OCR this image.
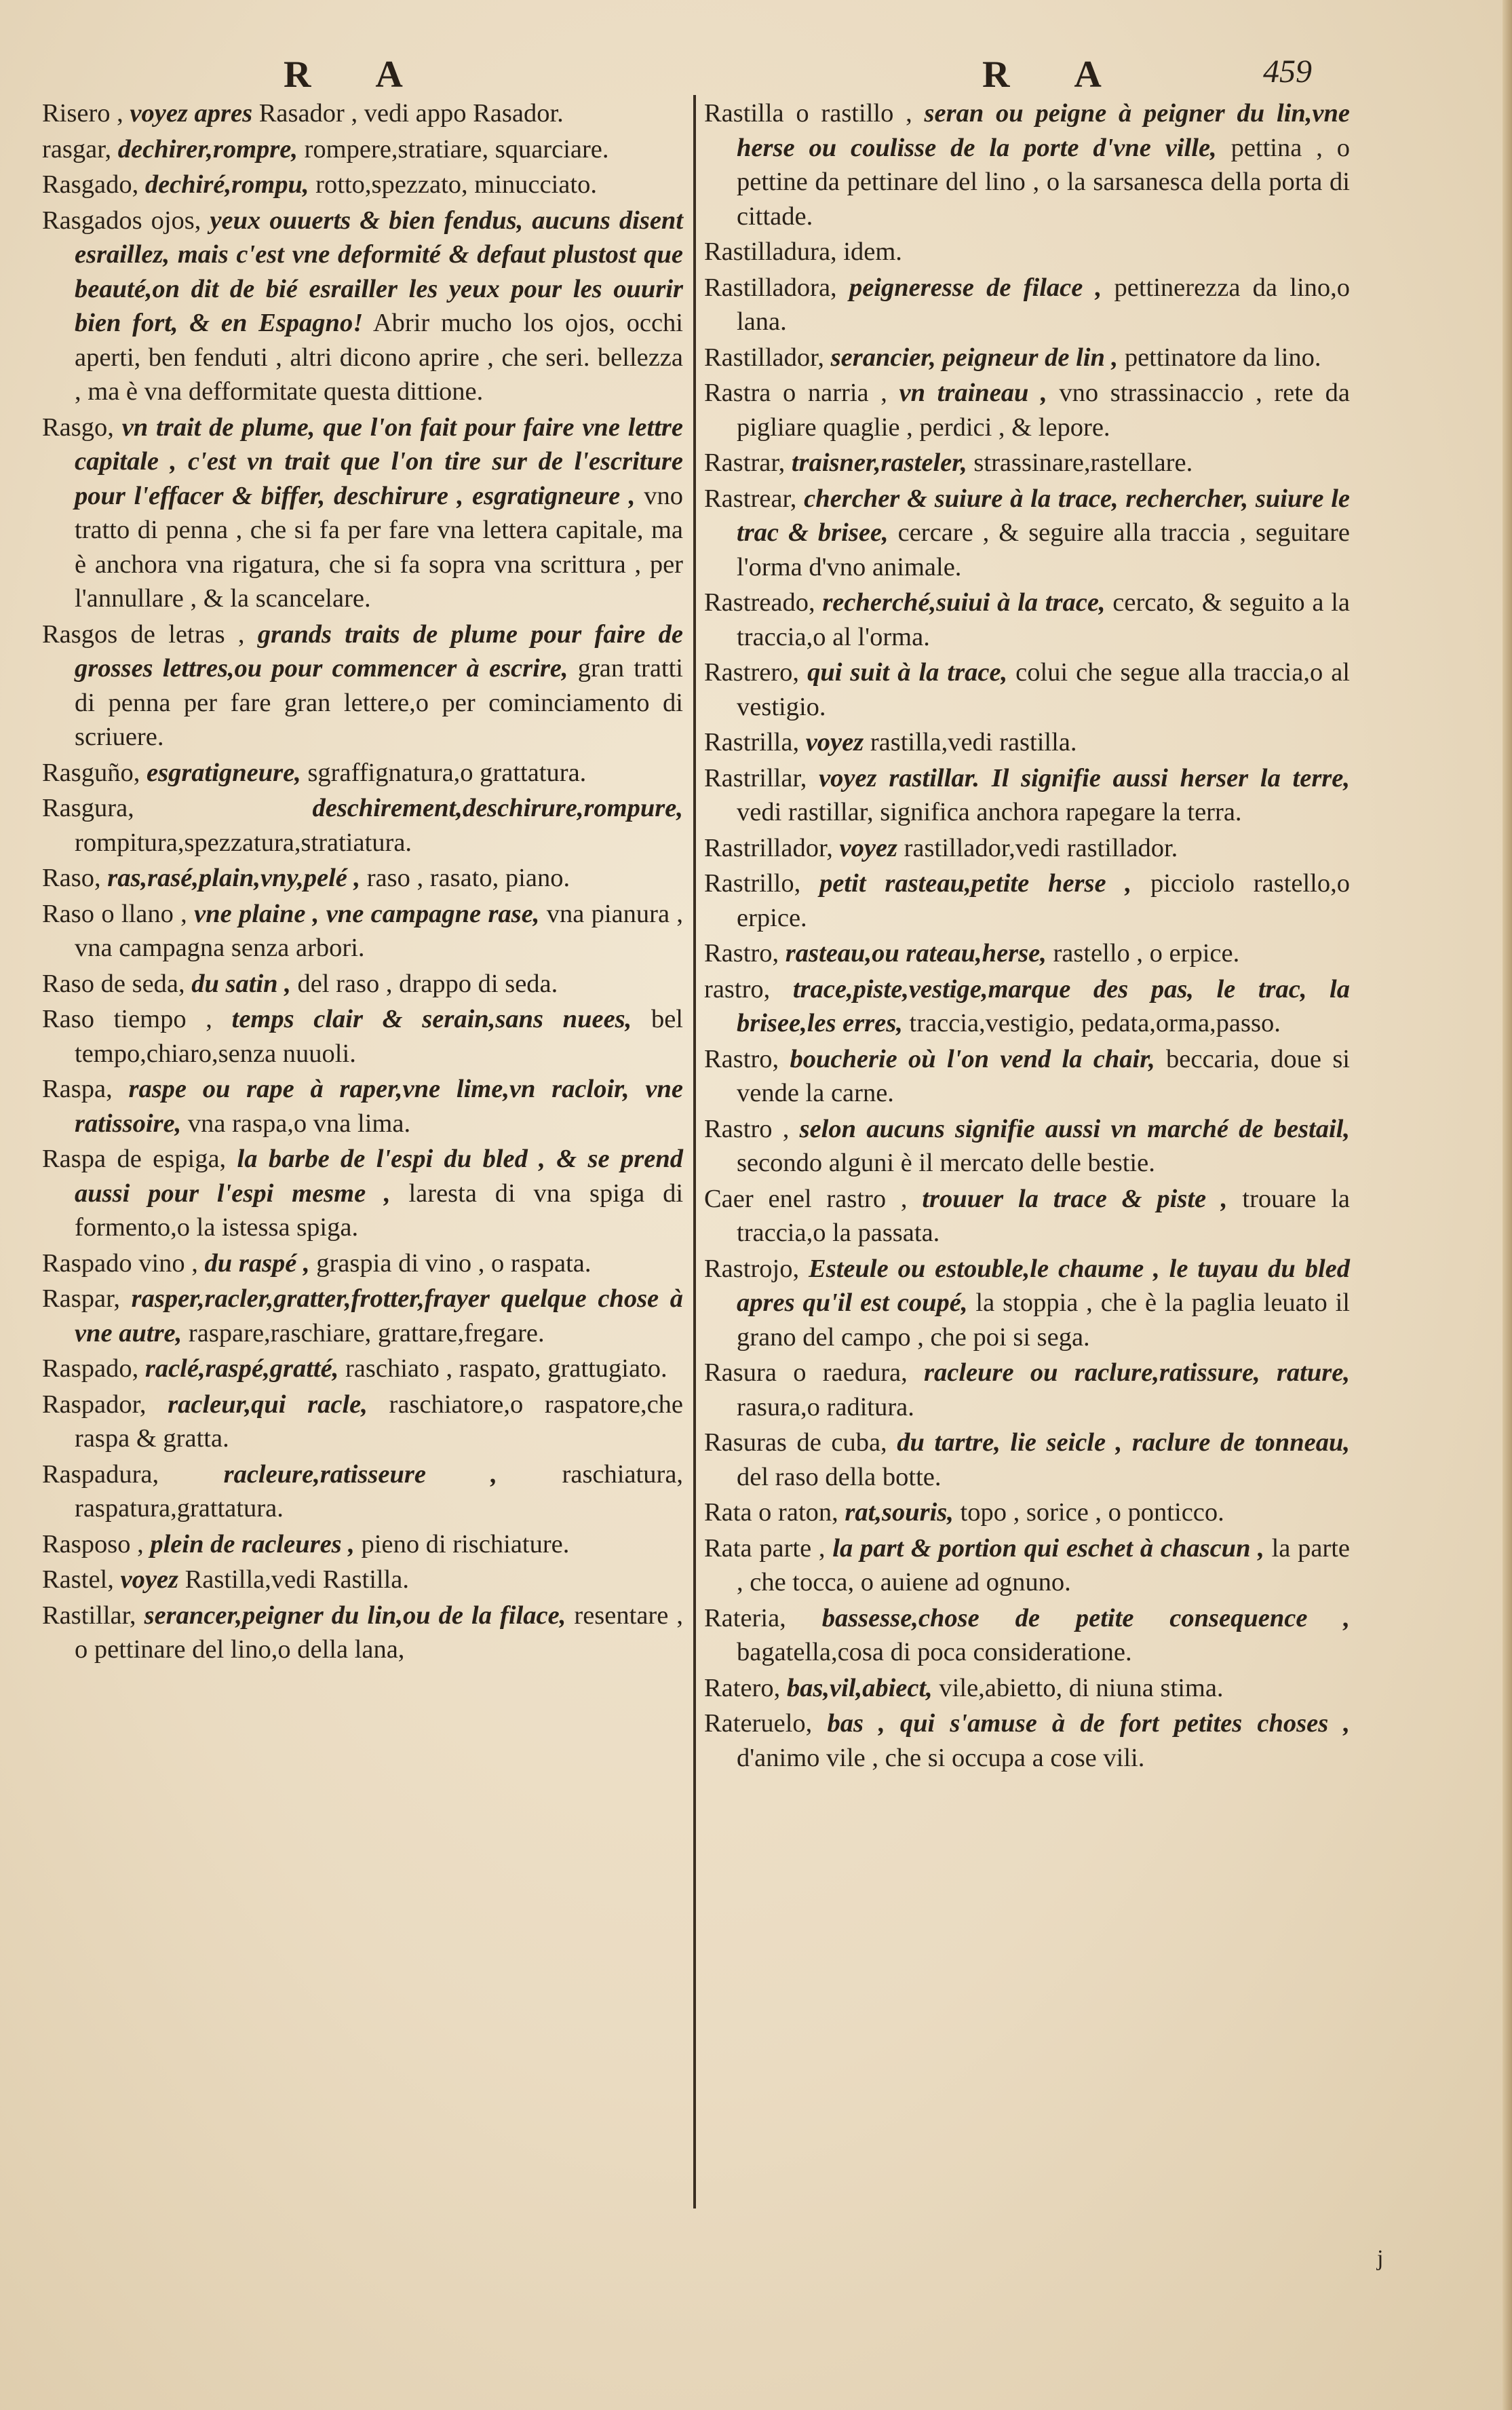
R A	R A	459
Risero , voyez apres Rasador , vedi appo Rasador.
rasgar, dechirer,rompre, rompere,stratiare, squarciare.
Rasgado, dechiré,rompu, rotto,spezzato, minucciato.
Rasgados ojos, yeux ouuerts & bien fendus, aucuns disent esraillez, mais c'est vne deformité & defaut plustost que beauté,on dit de bié esrailler les yeux pour les ouurir bien fort, & en Espagno! Abrir mucho los ojos, occhi aperti, ben fenduti , altri dicono aprire , che seri. bellezza , ma è vna defformitate questa dittione.
Rasgo, vn trait de plume, que l'on fait pour faire vne lettre capitale , c'est vn trait que l'on tire sur de l'escriture pour l'effacer & biffer, deschirure , esgratigneure , vno tratto di penna , che si fa per fare vna lettera capitale, ma è anchora vna rigatura, che si fa sopra vna scrittura , per l'annullare , & la scancelare.
Rasgos de letras , grands traits de plume pour faire de grosses lettres,ou pour commencer à escrire, gran tratti di penna per fare gran lettere,o per cominciamento di scriuere.
Rasguño, esgratigneure, sgraffignatura,o grattatura.
Rasgura,	deschirement,deschirure,rompure, rompitura,spezzatura,stratiatura.
Raso, ras,rasé,plain,vny,pelé , raso , rasato, piano.
Raso o llano , vne plaine , vne campagne rase, vna pianura , vna campagna senza arbori.
Raso de seda, du satin , del raso , drappo di seda.
Raso tiempo , temps clair & serain,sans nuees, bel tempo,chiaro,senza nuuoli.
Raspa, raspe ou rape à raper,vne lime,vn racloir, vne ratissoire, vna raspa,o vna lima.
Raspa de espiga, la barbe de l'espi du bled , & se prend aussi pour l'espi mesme , laresta di vna spiga di formento,o la istessa spiga.
Raspado vino , du raspé , graspia di vino , o raspata.
Raspar, rasper,racler,gratter,frotter,frayer quelque chose à vne autre, raspare,raschiare, grattare,fregare.
Raspado, raclé,raspé,gratté, raschiato , raspato, grattugiato.
Raspador, racleur,qui racle, raschiatore,o raspatore,che raspa & gratta.
Raspadura, racleure,ratisseure , raschiatura, raspatura,grattatura.
Rasposo , plein de racleures , pieno di rischiature.
Rastel, voyez Rastilla,vedi Rastilla.
Rastillar, serancer,peigner du lin,ou de la filace, resentare , o pettinare del lino,o della lana,
Rastilla o rastillo , seran ou peigne à peigner du lin,vne herse ou coulisse de la porte d'vne ville, pettina , o pettine da pettinare del lino , o la sarsanesca della porta di cittade.
Rastilladura, idem.
Rastilladora, peigneresse de filace , pettinerezza da lino,o lana.
Rastillador, serancier, peigneur de lin , pettinatore da lino.
Rastra o narria , vn traineau , vno strassinaccio , rete da pigliare quaglie , perdici , & lepore.
Rastrar, traisner,rasteler, strassinare,rastellare.
Rastrear, chercher & suiure à la trace, rechercher, suiure le trac & brisee, cercare , & seguire alla traccia , seguitare l'orma d'vno animale.
Rastreado, recherché,suiui à la trace, cercato, & seguito a la traccia,o al l'orma.
Rastrero, qui suit à la trace, colui che segue alla traccia,o al vestigio.
Rastrilla, voyez rastilla,vedi rastilla.
Rastrillar, voyez rastillar. Il signifie aussi herser la terre, vedi rastillar, significa anchora rapegare la terra.
Rastrillador, voyez rastillador,vedi rastillador.
Rastrillo, petit rasteau,petite herse , picciolo rastello,o erpice.
Rastro, rasteau,ou rateau,herse, rastello , o erpice.
rastro, trace,piste,vestige,marque des pas, le trac, la brisee,les erres, traccia,vestigio, pedata,orma,passo.
Rastro, boucherie où l'on vend la chair, beccaria, doue si vende la carne.
Rastro , selon aucuns signifie aussi vn marché de bestail, secondo alguni è il mercato delle bestie.
Caer enel rastro , trouuer la trace & piste , trouare la traccia,o la passata.
Rastrojo, Esteule ou estouble,le chaume , le tuyau du bled apres qu'il est coupé, la stoppia , che è la paglia leuato il grano del campo , che poi si sega.
Rasura o raedura, racleure ou raclure,ratissure, rature, rasura,o raditura.
Rasuras de cuba, du tartre, lie seicle , raclure de tonneau, del raso della botte.
Rata o raton, rat,souris, topo , sorice , o ponticco.
Rata parte , la part & portion qui eschet à chascun , la parte , che tocca, o auiene ad ognuno.
Rateria, bassesse,chose de petite consequence , bagatella,cosa di poca consideratione.
Ratero, bas,vil,abiect, vile,abietto, di niuna stima.
Rateruelo, bas , qui s'amuse à de fort petites choses , d'animo vile , che si occupa a cose vili.
j
